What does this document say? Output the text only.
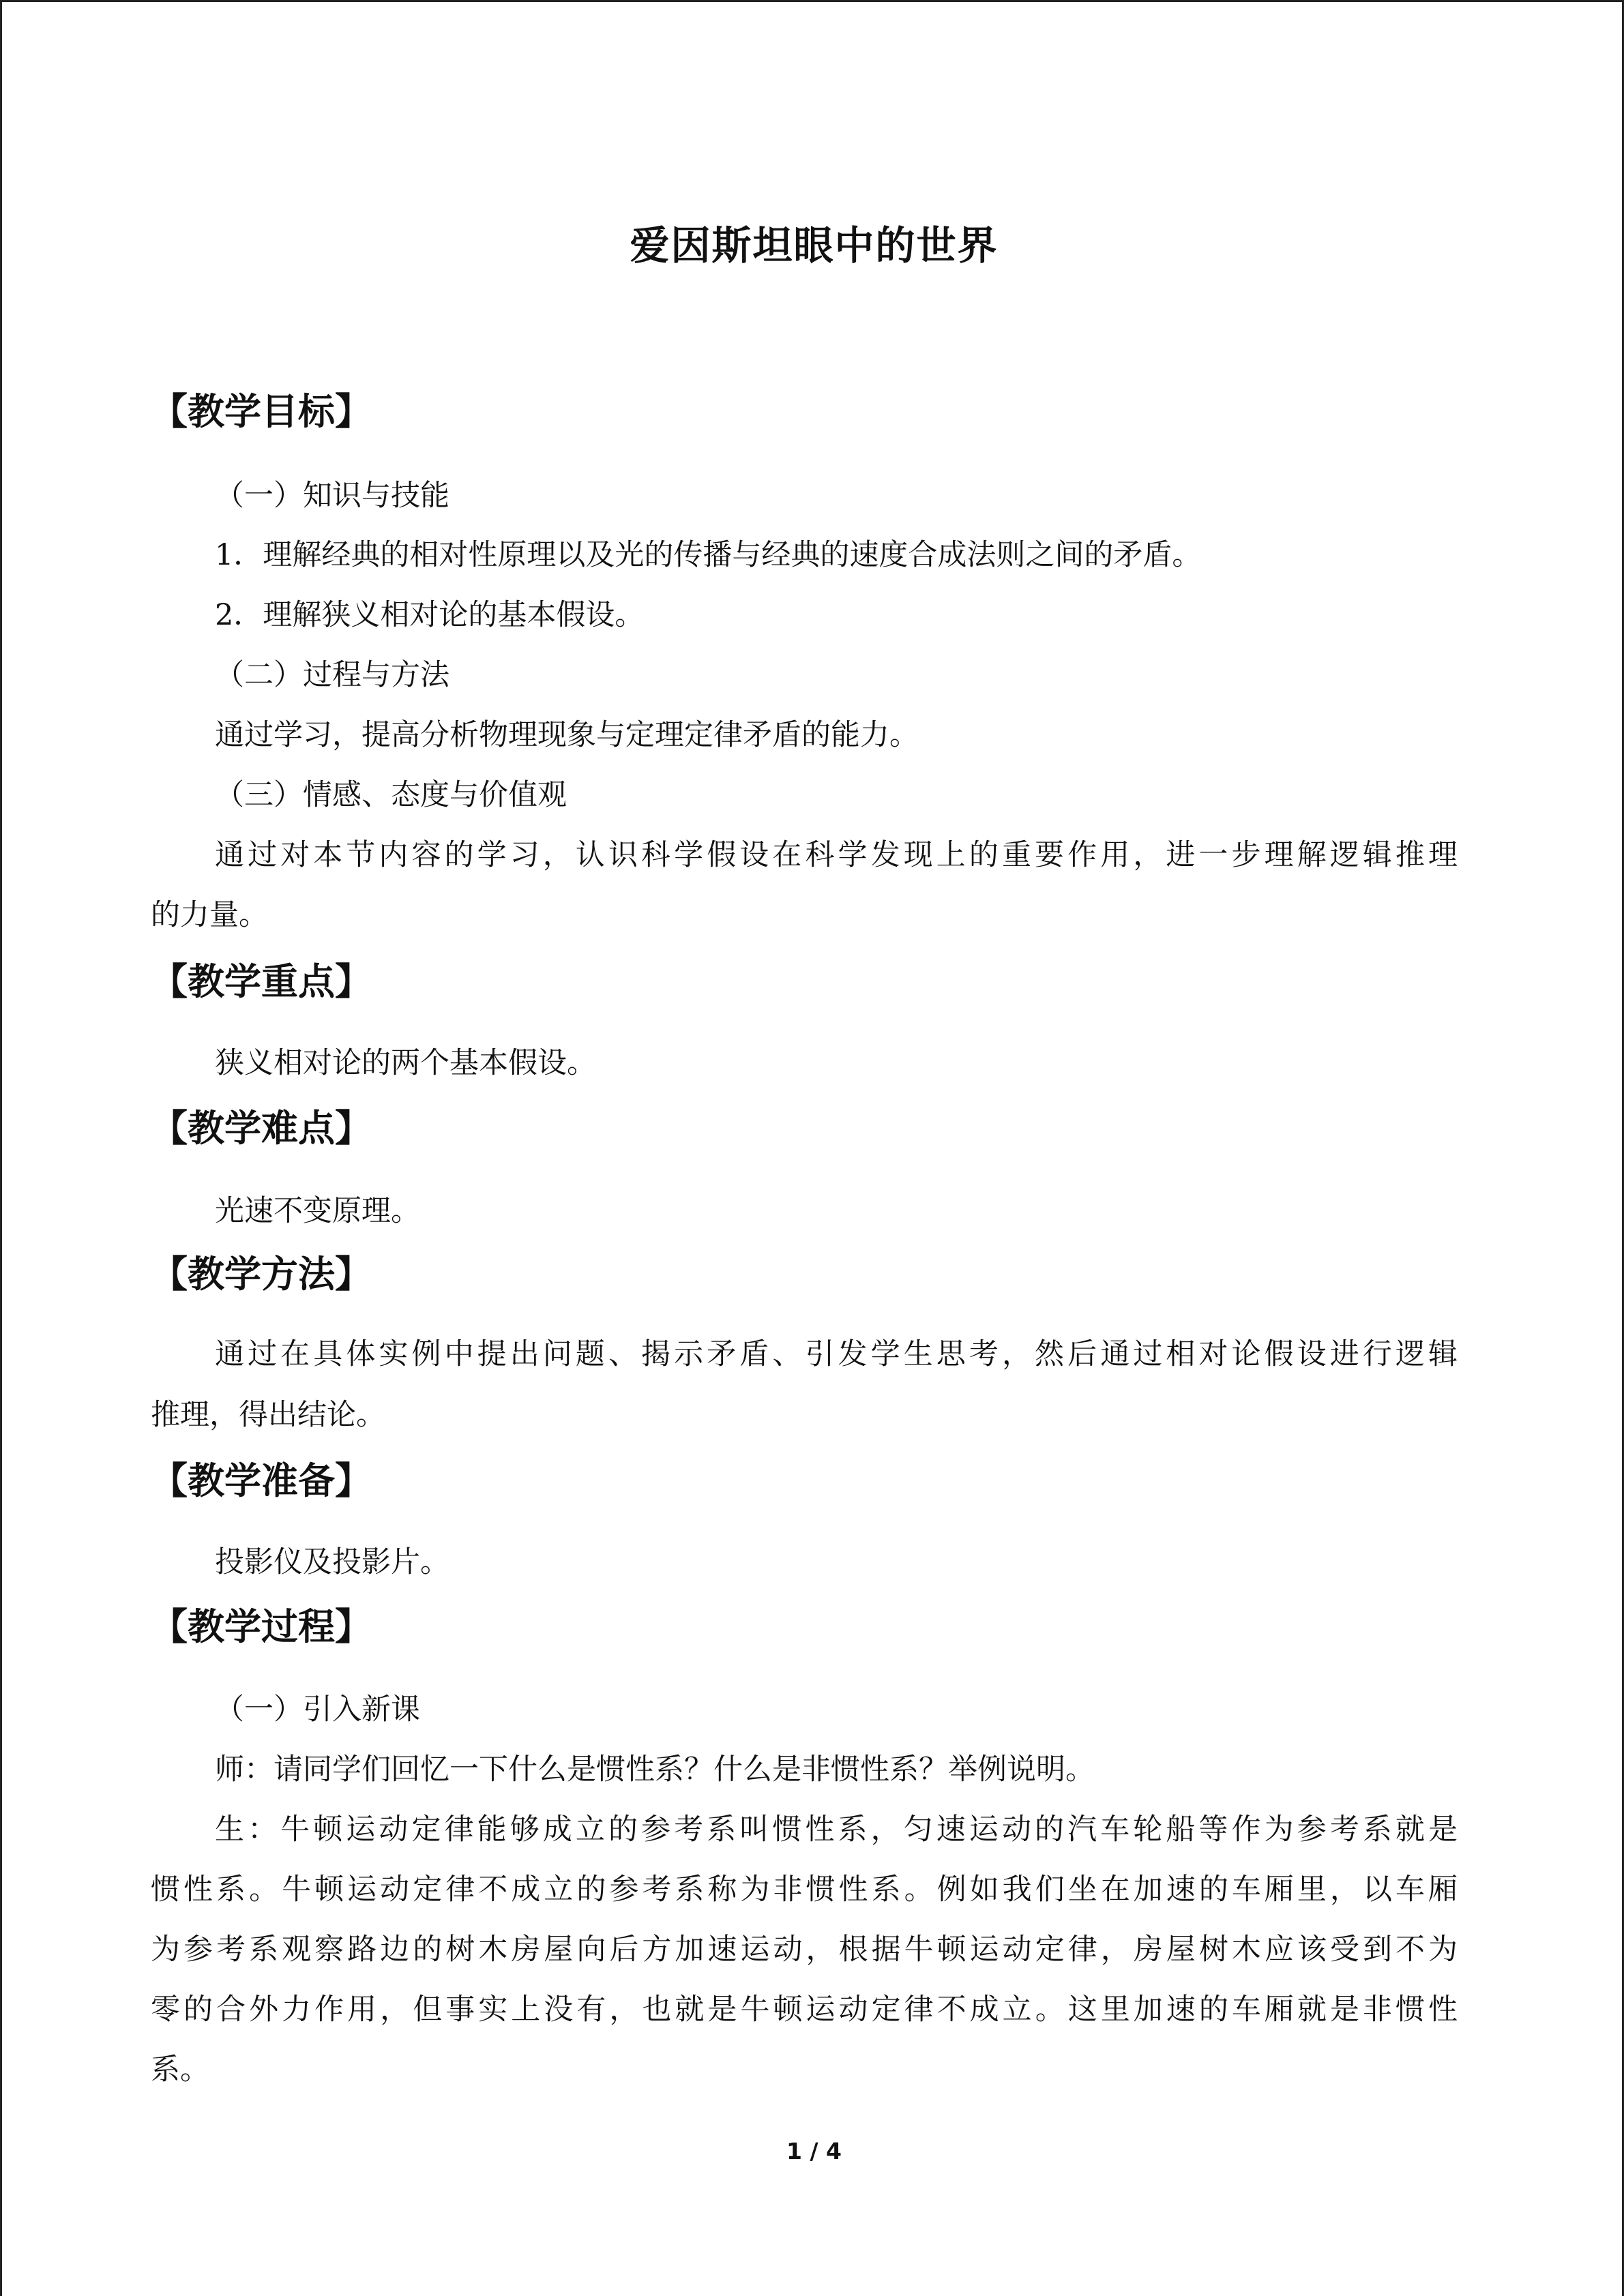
爱因斯坦眼中的世界
【教学目标】
（一）知识与技能
1．理解经典的相对性原理以及光的传播与经典的速度合成法则之间的矛盾。
2．理解狭义相对论的基本假设。
（二）过程与方法
通过学习，提高分析物理现象与定理定律矛盾的能力。
（三）情感、态度与价值观
通过对本节内容的学习，认识科学假设在科学发现上的重要作用，进一步理解逻辑推理
的力量。
【教学重点】
狭义相对论的两个基本假设。
【教学难点】
光速不变原理。
【教学方法】
通过在具体实例中提出问题、揭示矛盾、引发学生思考，然后通过相对论假设进行逻辑
推理，得出结论。
【教学准备】
投影仪及投影片。
【教学过程】
（一）引入新课
师：请同学们回忆一下什么是惯性系？什么是非惯性系？举例说明。
生：牛顿运动定律能够成立的参考系叫惯性系，匀速运动的汽车轮船等作为参考系就是
惯性系。牛顿运动定律不成立的参考系称为非惯性系。例如我们坐在加速的车厢里，以车厢
为参考系观察路边的树木房屋向后方加速运动，根据牛顿运动定律，房屋树木应该受到不为
零的合外力作用，但事实上没有，也就是牛顿运动定律不成立。这里加速的车厢就是非惯性
系。
1 / 4
